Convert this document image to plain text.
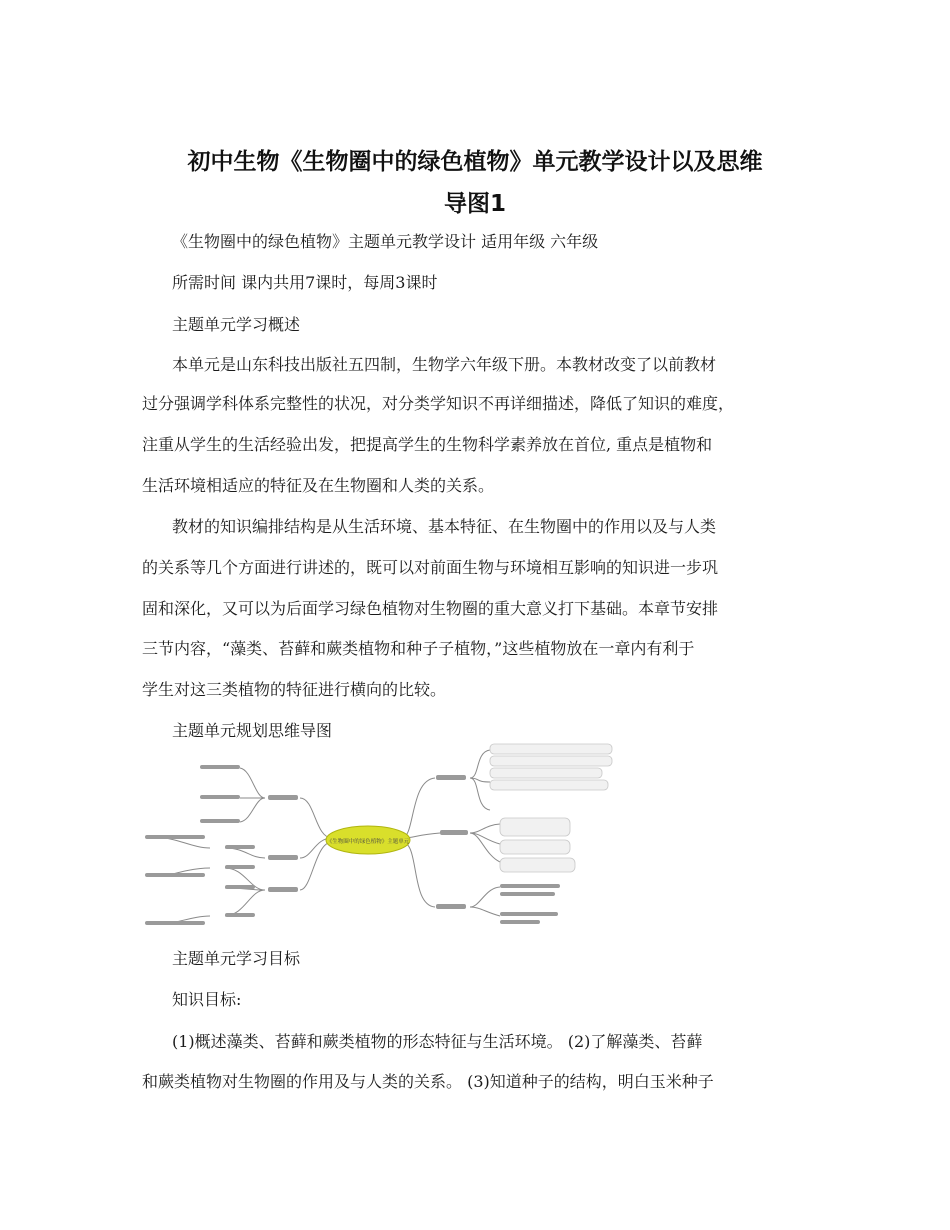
初中生物《生物圈中的绿色植物》单元教学设计以及思维
导图1
《生物圈中的绿色植物》主题单元教学设计 适用年级 六年级
所需时间 课内共用7课时，每周3课时
主题单元学习概述
本单元是山东科技出版社五四制，生物学六年级下册。本教材改变了以前教材
过分强调学科体系完整性的状况，对分类学知识不再详细描述，降低了知识的难度，
注重从学生的生活经验出发，把提高学生的生物科学素养放在首位, 重点是植物和
生活环境相适应的特征及在生物圈和人类的关系。
教材的知识编排结构是从生活环境、基本特征、在生物圈中的作用以及与人类
的关系等几个方面进行讲述的，既可以对前面生物与环境相互影响的知识进一步巩
固和深化，又可以为后面学习绿色植物对生物圈的重大意义打下基础。本章节安排
三节内容，“藻类、苔藓和蕨类植物和种子子植物，”这些植物放在一章内有利于
学生对这三类植物的特征进行横向的比较。
主题单元规划思维导图
《生物圈中的绿色植物》主题单元
主题单元学习目标
知识目标:
(1)概述藻类、苔藓和蕨类植物的形态特征与生活环境。 (2)了解藻类、苔藓
和蕨类植物对生物圈的作用及与人类的关系。 (3)知道种子的结构，明白玉米种子
